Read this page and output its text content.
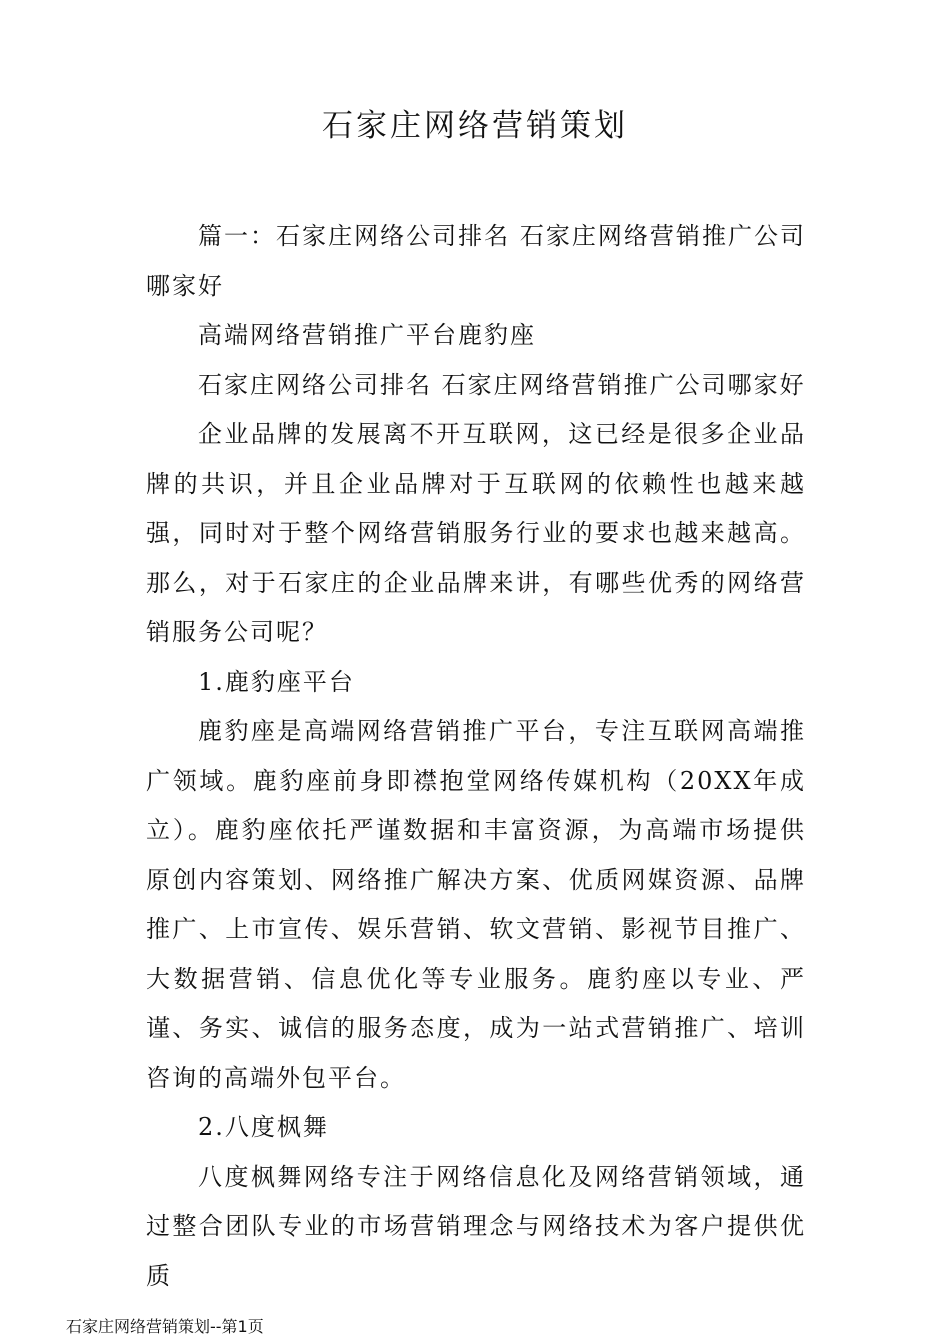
石家庄网络营销策划

篇一：石家庄网络公司排名 石家庄网络营销推广公司哪家好

高端网络营销推广平台鹿豹座

石家庄网络公司排名 石家庄网络营销推广公司哪家好

企业品牌的发展离不开互联网，这已经是很多企业品牌的共识，并且企业品牌对于互联网的依赖性也越来越强，同时对于整个网络营销服务行业的要求也越来越高。那么，对于石家庄的企业品牌来讲，有哪些优秀的网络营销服务公司呢？

1.鹿豹座平台

鹿豹座是高端网络营销推广平台，专注互联网高端推广领域。鹿豹座前身即襟抱堂网络传媒机构（20XX年成立）。鹿豹座依托严谨数据和丰富资源，为高端市场提供原创内容策划、网络推广解决方案、优质网媒资源、品牌推广、上市宣传、娱乐营销、软文营销、影视节目推广、大数据营销、信息优化等专业服务。鹿豹座以专业、严谨、务实、诚信的服务态度，成为一站式营销推广、培训咨询的高端外包平台。

2.八度枫舞

八度枫舞网络专注于网络信息化及网络营销领域，通过整合团队专业的市场营销理念与网络技术为客户提供优质

石家庄网络营销策划--第1页
